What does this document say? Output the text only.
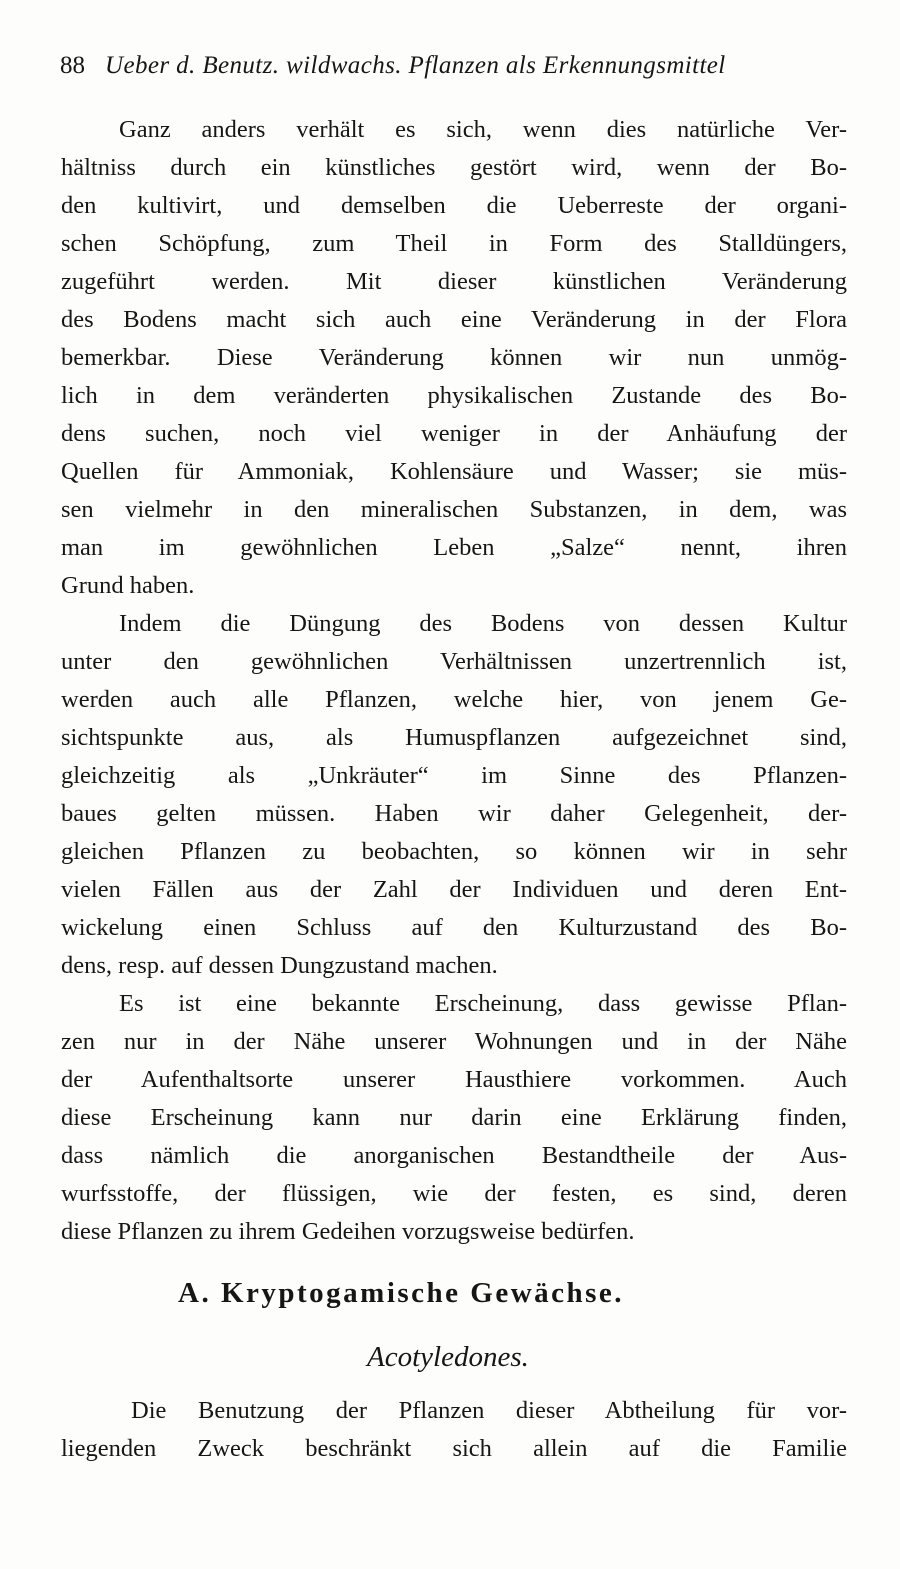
88 Ueber d. Benutz. wildwachs. Pflanzen als Erkennungsmittel
Ganz anders verhält es sich, wenn dies natürliche Ver-
hältniss durch ein künstliches gestört wird, wenn der Bo-
den kultivirt, und demselben die Ueberreste der organi-
schen Schöpfung, zum Theil in Form des Stalldüngers,
zugeführt werden. Mit dieser künstlichen Veränderung
des Bodens macht sich auch eine Veränderung in der Flora
bemerkbar. Diese Veränderung können wir nun unmög-
lich in dem veränderten physikalischen Zustande des Bo-
dens suchen, noch viel weniger in der Anhäufung der
Quellen für Ammoniak, Kohlensäure und Wasser; sie müs-
sen vielmehr in den mineralischen Substanzen, in dem, was
man im gewöhnlichen Leben „Salze“ nennt, ihren
Grund haben.
Indem die Düngung des Bodens von dessen Kultur
unter den gewöhnlichen Verhältnissen unzertrennlich ist,
werden auch alle Pflanzen, welche hier, von jenem Ge-
sichtspunkte aus, als Humuspflanzen aufgezeichnet sind,
gleichzeitig als „Unkräuter“ im Sinne des Pflanzen-
baues gelten müssen. Haben wir daher Gelegenheit, der-
gleichen Pflanzen zu beobachten, so können wir in sehr
vielen Fällen aus der Zahl der Individuen und deren Ent-
wickelung einen Schluss auf den Kulturzustand des Bo-
dens, resp. auf dessen Dungzustand machen.
Es ist eine bekannte Erscheinung, dass gewisse Pflan-
zen nur in der Nähe unserer Wohnungen und in der Nähe
der Aufenthaltsorte unserer Hausthiere vorkommen. Auch
diese Erscheinung kann nur darin eine Erklärung finden,
dass nämlich die anorganischen Bestandtheile der Aus-
wurfsstoffe, der flüssigen, wie der festen, es sind, deren
diese Pflanzen zu ihrem Gedeihen vorzugsweise bedürfen.
A. Kryptogamische Gewächse.
Acotyledones.
Die Benutzung der Pflanzen dieser Abtheilung für vor-
liegenden Zweck beschränkt sich allein auf die Familie
